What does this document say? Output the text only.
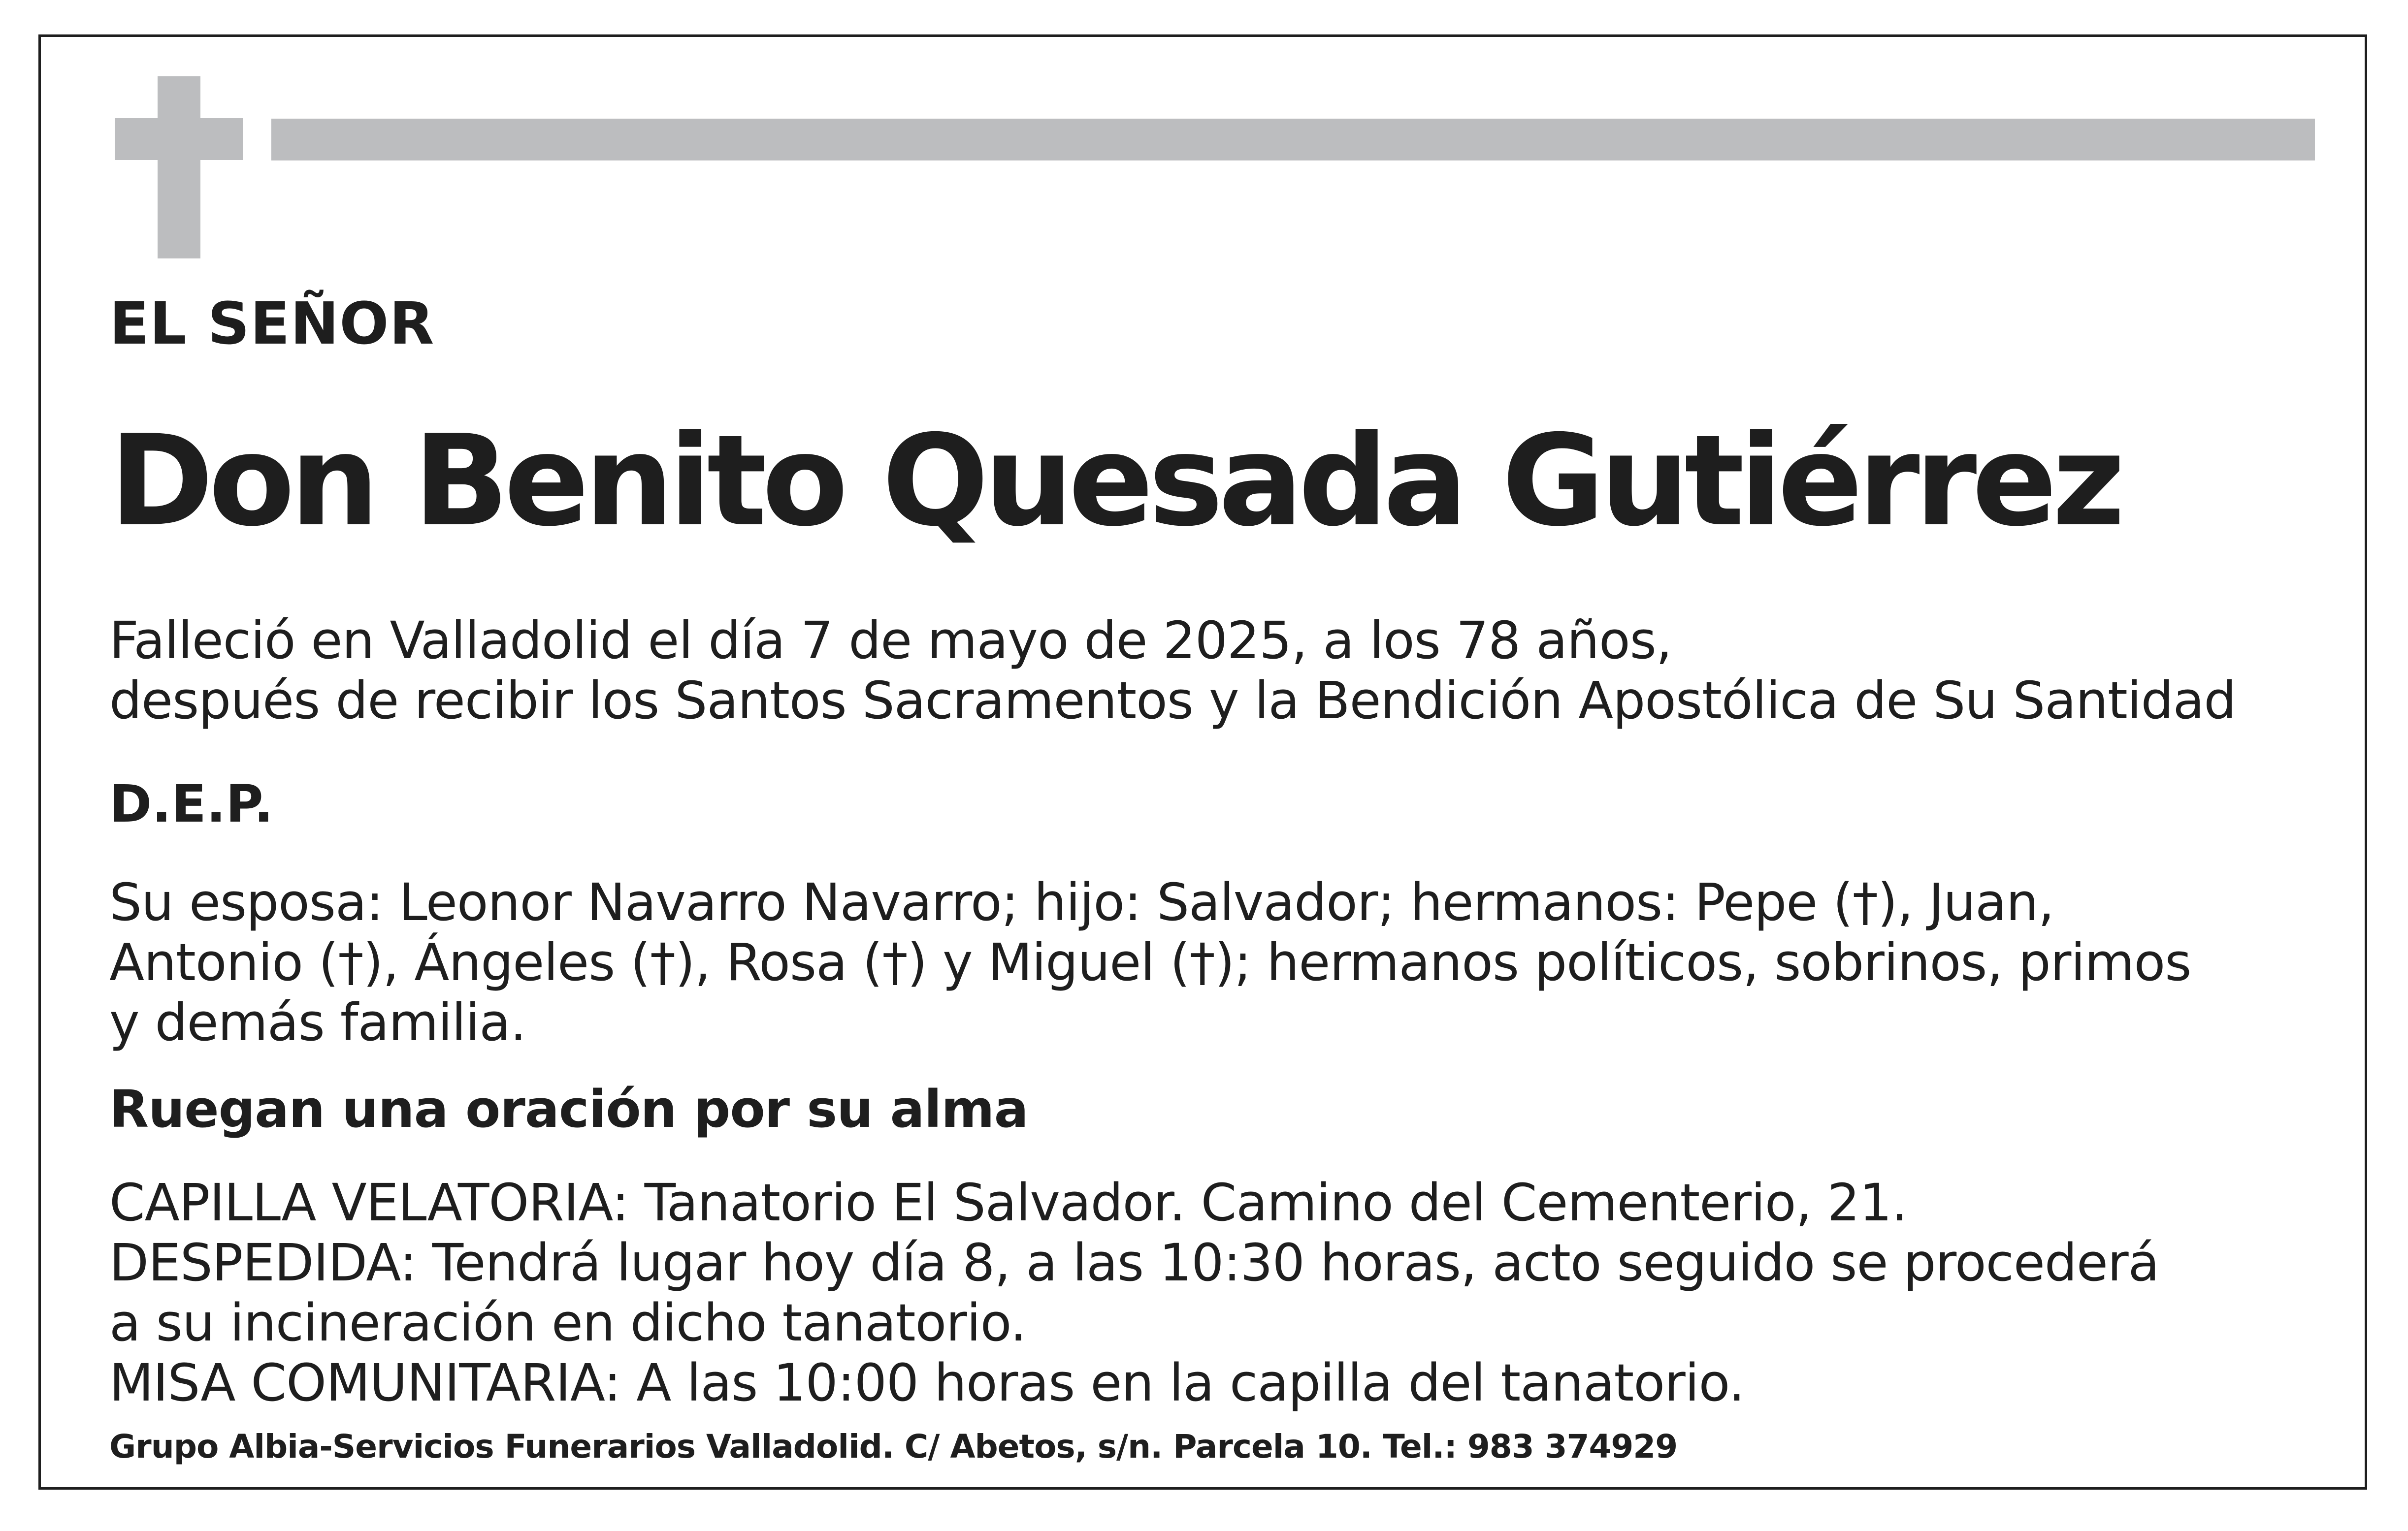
EL SEÑOR

Don Benito Quesada Gutiérrez

Falleció en Valladolid el día 7 de mayo de 2025, a los 78 años,
después de recibir los Santos Sacramentos y la Bendición Apostólica de Su Santidad

D.E.P.

Su esposa: Leonor Navarro Navarro; hijo: Salvador; hermanos: Pepe (†), Juan,
Antonio (†), Ángeles (†), Rosa (†) y Miguel (†); hermanos políticos, sobrinos, primos
y demás familia.

Ruegan una oración por su alma

CAPILLA VELATORIA: Tanatorio El Salvador. Camino del Cementerio, 21.
DESPEDIDA: Tendrá lugar hoy día 8, a las 10:30 horas, acto seguido se procederá
a su incineración en dicho tanatorio.
MISA COMUNITARIA: A las 10:00 horas en la capilla del tanatorio.

Grupo Albia-Servicios Funerarios Valladolid. C/ Abetos, s/n. Parcela 10. Tel.: 983 374929
